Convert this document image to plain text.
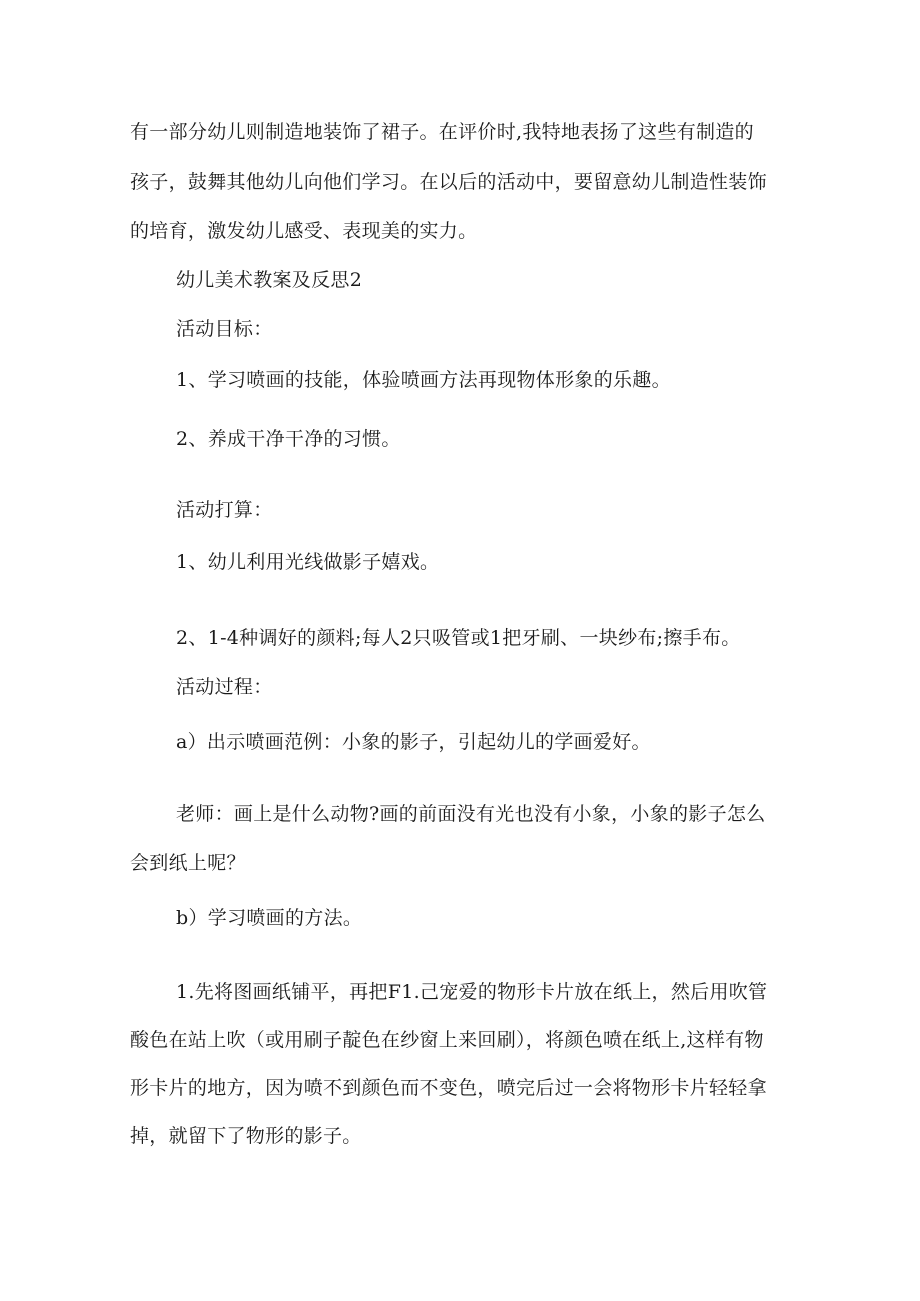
有一部分幼儿则制造地装饰了裙子。在评价时,我特地表扬了这些有制造的
孩子，鼓舞其他幼儿向他们学习。在以后的活动中，要留意幼儿制造性装饰
的培育，激发幼儿感受、表现美的实力。
幼儿美术教案及反思2
活动目标：
1、学习喷画的技能，体验喷画方法再现物体形象的乐趣。
2、养成干净干净的习惯。
活动打算：
1、幼儿利用光线做影子嬉戏。
2、1-4种调好的颜料;每人2只吸管或1把牙刷、一块纱布;擦手布。
活动过程：
a）出示喷画范例：小象的影子，引起幼儿的学画爱好。
老师：画上是什么动物?画的前面没有光也没有小象，小象的影子怎么
会到纸上呢？
b）学习喷画的方法。
1.先将图画纸铺平，再把F1.己宠爱的物形卡片放在纸上，然后用吹管
酸色在站上吹（或用刷子靛色在纱窗上来回刷），将颜色喷在纸上,这样有物
形卡片的地方，因为喷不到颜色而不变色，喷完后过一会将物形卡片轻轻拿
掉，就留下了物形的影子。
